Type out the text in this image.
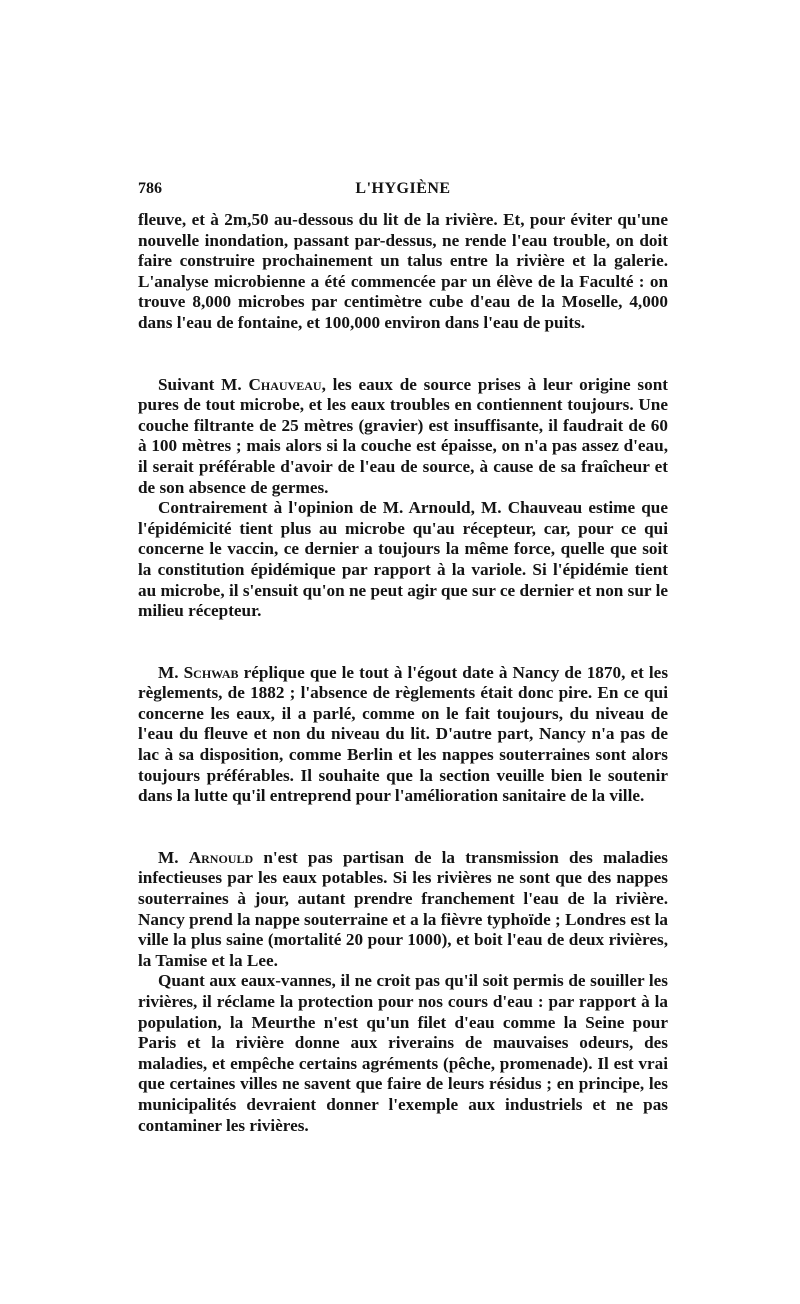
786	L'HYGIÈNE

fleuve, et à 2m,50 au-dessous du lit de la rivière. Et, pour éviter qu'une nouvelle inondation, passant par-dessus, ne rende l'eau trouble, on doit faire construire prochainement un talus entre la rivière et la galerie. L'analyse microbienne a été commencée par un élève de la Faculté : on trouve 8,000 microbes par centimètre cube d'eau de la Moselle, 4,000 dans l'eau de fontaine, et 100,000 environ dans l'eau de puits.

Suivant M. Chauveau, les eaux de source prises à leur origine sont pures de tout microbe, et les eaux troubles en contiennent toujours. Une couche filtrante de 25 mètres (gravier) est insuffisante, il faudrait de 60 à 100 mètres ; mais alors si la couche est épaisse, on n'a pas assez d'eau, il serait préférable d'avoir de l'eau de source, à cause de sa fraîcheur et de son absence de germes.

Contrairement à l'opinion de M. Arnould, M. Chauveau estime que l'épidémicité tient plus au microbe qu'au récepteur, car, pour ce qui concerne le vaccin, ce dernier a toujours la même force, quelle que soit la constitution épidémique par rapport à la variole. Si l'épidémie tient au microbe, il s'ensuit qu'on ne peut agir que sur ce dernier et non sur le milieu récepteur.

M. Schwab réplique que le tout à l'égout date à Nancy de 1870, et les règlements, de 1882 ; l'absence de règlements était donc pire. En ce qui concerne les eaux, il a parlé, comme on le fait toujours, du niveau de l'eau du fleuve et non du niveau du lit. D'autre part, Nancy n'a pas de lac à sa disposition, comme Berlin et les nappes souterraines sont alors toujours préférables. Il souhaite que la section veuille bien le soutenir dans la lutte qu'il entreprend pour l'amélioration sanitaire de la ville.

M. Arnould n'est pas partisan de la transmission des maladies infectieuses par les eaux potables. Si les rivières ne sont que des nappes souterraines à jour, autant prendre franchement l'eau de la rivière. Nancy prend la nappe souterraine et a la fièvre typhoïde ; Londres est la ville la plus saine (mortalité 20 pour 1000), et boit l'eau de deux rivières, la Tamise et la Lee.

Quant aux eaux-vannes, il ne croit pas qu'il soit permis de souiller les rivières, il réclame la protection pour nos cours d'eau : par rapport à la population, la Meurthe n'est qu'un filet d'eau comme la Seine pour Paris et la rivière donne aux riverains de mauvaises odeurs, des maladies, et empêche certains agréments (pêche, promenade). Il est vrai que certaines villes ne savent que faire de leurs résidus ; en principe, les municipalités devraient donner l'exemple aux industriels et ne pas contaminer les rivières.
